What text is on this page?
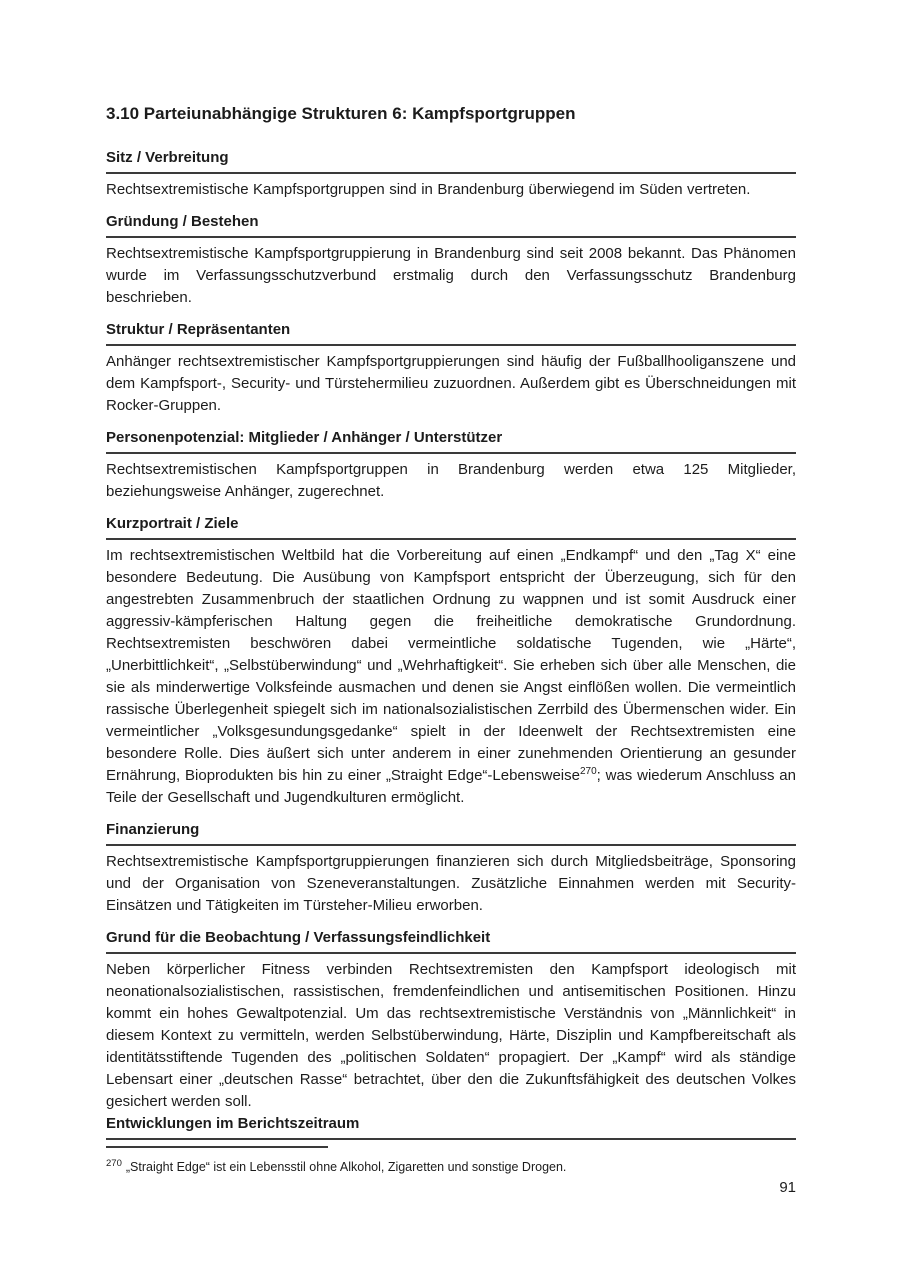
3.10 Parteiunabhängige Strukturen 6: Kampfsportgruppen
Sitz / Verbreitung

Rechtsextremistische Kampfsportgruppen sind in Brandenburg überwiegend im Süden vertreten.

Gründung / Bestehen

Rechtsextremistische Kampfsportgruppierung in Brandenburg sind seit 2008 bekannt. Das Phänomen wurde im Verfassungsschutzverbund erstmalig durch den Verfassungsschutz Brandenburg beschrieben.

Struktur / Repräsentanten

Anhänger rechtsextremistischer Kampfsportgruppierungen sind häufig der Fußballhooliganszene und dem Kampfsport-, Security- und Türstehermilieu zuzuordnen. Außerdem gibt es Überschneidungen mit Rocker-Gruppen.

Personenpotenzial: Mitglieder / Anhänger / Unterstützer

Rechtsextremistischen Kampfsportgruppen in Brandenburg werden etwa 125 Mitglieder, beziehungsweise Anhänger, zugerechnet.

Kurzportrait / Ziele

Im rechtsextremistischen Weltbild hat die Vorbereitung auf einen „Endkampf“ und den „Tag X“ eine besondere Bedeutung. Die Ausübung von Kampfsport entspricht der Überzeugung, sich für den angestrebten Zusammenbruch der staatlichen Ordnung zu wappnen und ist somit Ausdruck einer aggressiv-kämpferischen Haltung gegen die freiheitliche demokratische Grundordnung. Rechtsextremisten beschwören dabei vermeintliche soldatische Tugenden, wie „Härte“, „Unerbittlichkeit“, „Selbstüberwindung“ und „Wehrhaftigkeit“. Sie erheben sich über alle Menschen, die sie als minderwertige Volksfeinde ausmachen und denen sie Angst einflößen wollen. Die vermeintlich rassische Überlegenheit spiegelt sich im nationalsozialistischen Zerrbild des Übermenschen wider. Ein vermeintlicher „Volksgesundungsgedanke“ spielt in der Ideenwelt der Rechtsextremisten eine besondere Rolle. Dies äußert sich unter anderem in einer zunehmenden Orientierung an gesunder Ernährung, Bioprodukten bis hin zu einer „Straight Edge“-Lebensweise$^{270}$; was wiederum Anschluss an Teile der Gesellschaft und Jugendkulturen ermöglicht.

Finanzierung

Rechtsextremistische Kampfsportgruppierungen finanzieren sich durch Mitgliedsbeiträge, Sponsoring und der Organisation von Szeneveranstaltungen. Zusätzliche Einnahmen werden mit Security-Einsätzen und Tätigkeiten im Türsteher-Milieu erworben.

Grund für die Beobachtung / Verfassungsfeindlichkeit

Neben körperlicher Fitness verbinden Rechtsextremisten den Kampfsport ideologisch mit neonationalsozialistischen, rassistischen, fremdenfeindlichen und antisemitischen Positionen. Hinzu kommt ein hohes Gewaltpotenzial. Um das rechtsextremistische Verständnis von „Männlichkeit“ in diesem Kontext zu vermitteln, werden Selbstüberwindung, Härte, Disziplin und Kampfbereitschaft als identitätsstiftende Tugenden des „politischen Soldaten“ propagiert. Der „Kampf“ wird als ständige Lebensart einer „deutschen Rasse“ betrachtet, über den die Zukunftsfähigkeit des deutschen Volkes gesichert werden soll.

Entwicklungen im Berichtszeitraum
$^{270}$ „Straight Edge“ ist ein Lebensstil ohne Alkohol, Zigaretten und sonstige Drogen.
91
